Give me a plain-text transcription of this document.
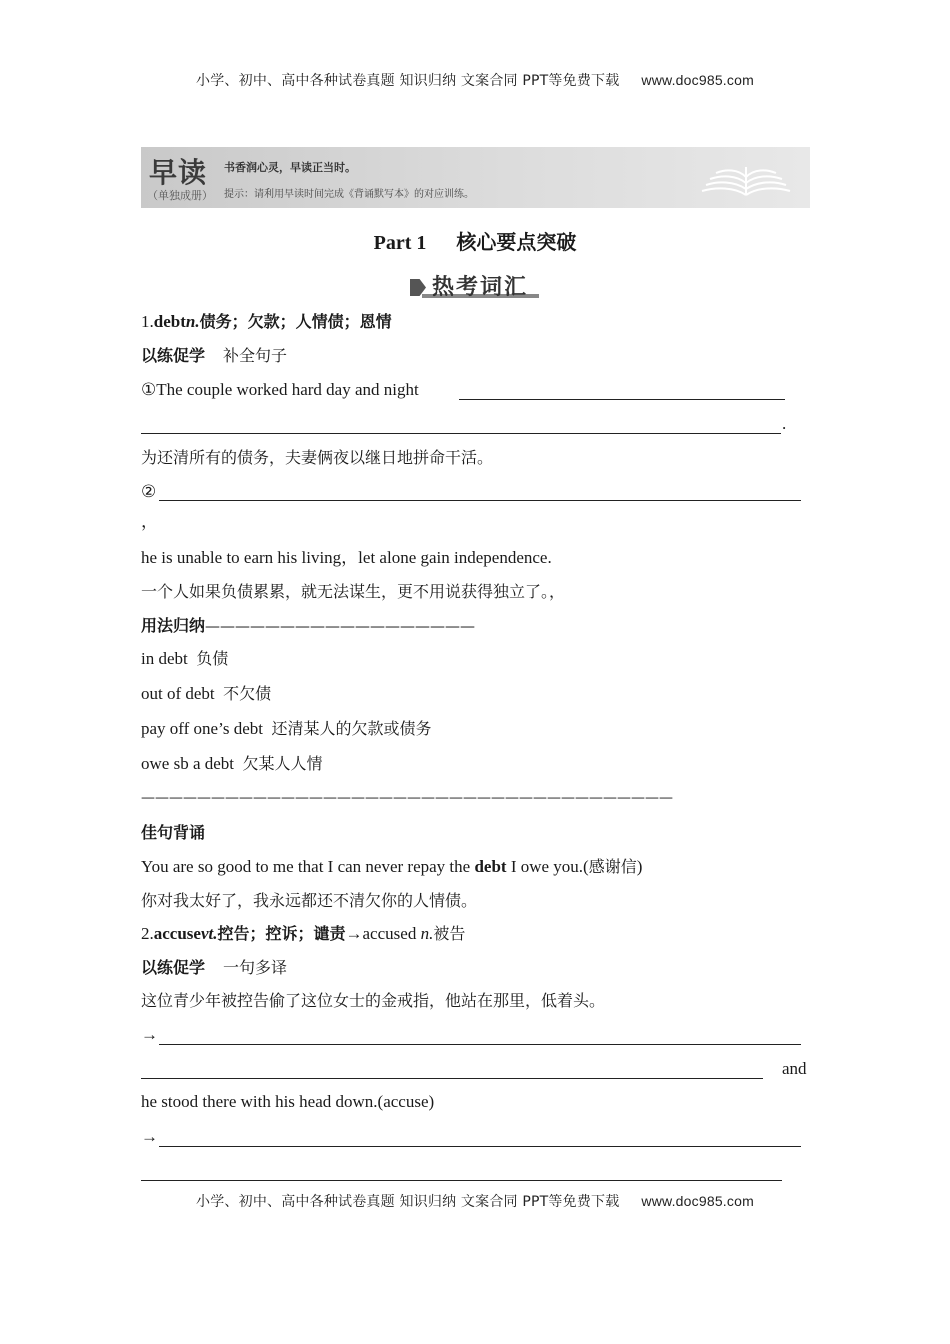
小学、初中、高中各种试卷真题 知识归纳 文案合同 PPT等免费下载 www.doc985.com
早读
（单独成册）
书香润心灵，早读正当时。
提示：请利用早读时间完成《背诵默写本》的对应训练。
Part 1 核心要点突破
热考词汇
1.debtn.债务；欠款；人情债；恩情
以练促学 补全句子
①The couple worked hard day and night
.
为还清所有的债务，夫妻俩夜以继日地拼命干活。
②
，
he is unable to earn his living，let alone gain independence.
一个人如果负债累累，就无法谋生，更不用说获得独立了。，
用法归纳——————————————————
in debt 负债
out of debt 不欠债
pay off one’s debt 还清某人的欠款或债务
owe sb a debt 欠某人人情
——————————————————————————————————————
佳句背诵
You are so good to me that I can never repay the debt I owe you.(感谢信)
你对我太好了，我永远都还不清欠你的人情债。
2.accusevt.控告；控诉；谴责→accused n.被告
以练促学 一句多译
这位青少年被控告偷了这位女士的金戒指，他站在那里，低着头。
→
and
he stood there with his head down.(accuse)
→
小学、初中、高中各种试卷真题 知识归纳 文案合同 PPT等免费下载 www.doc985.com
